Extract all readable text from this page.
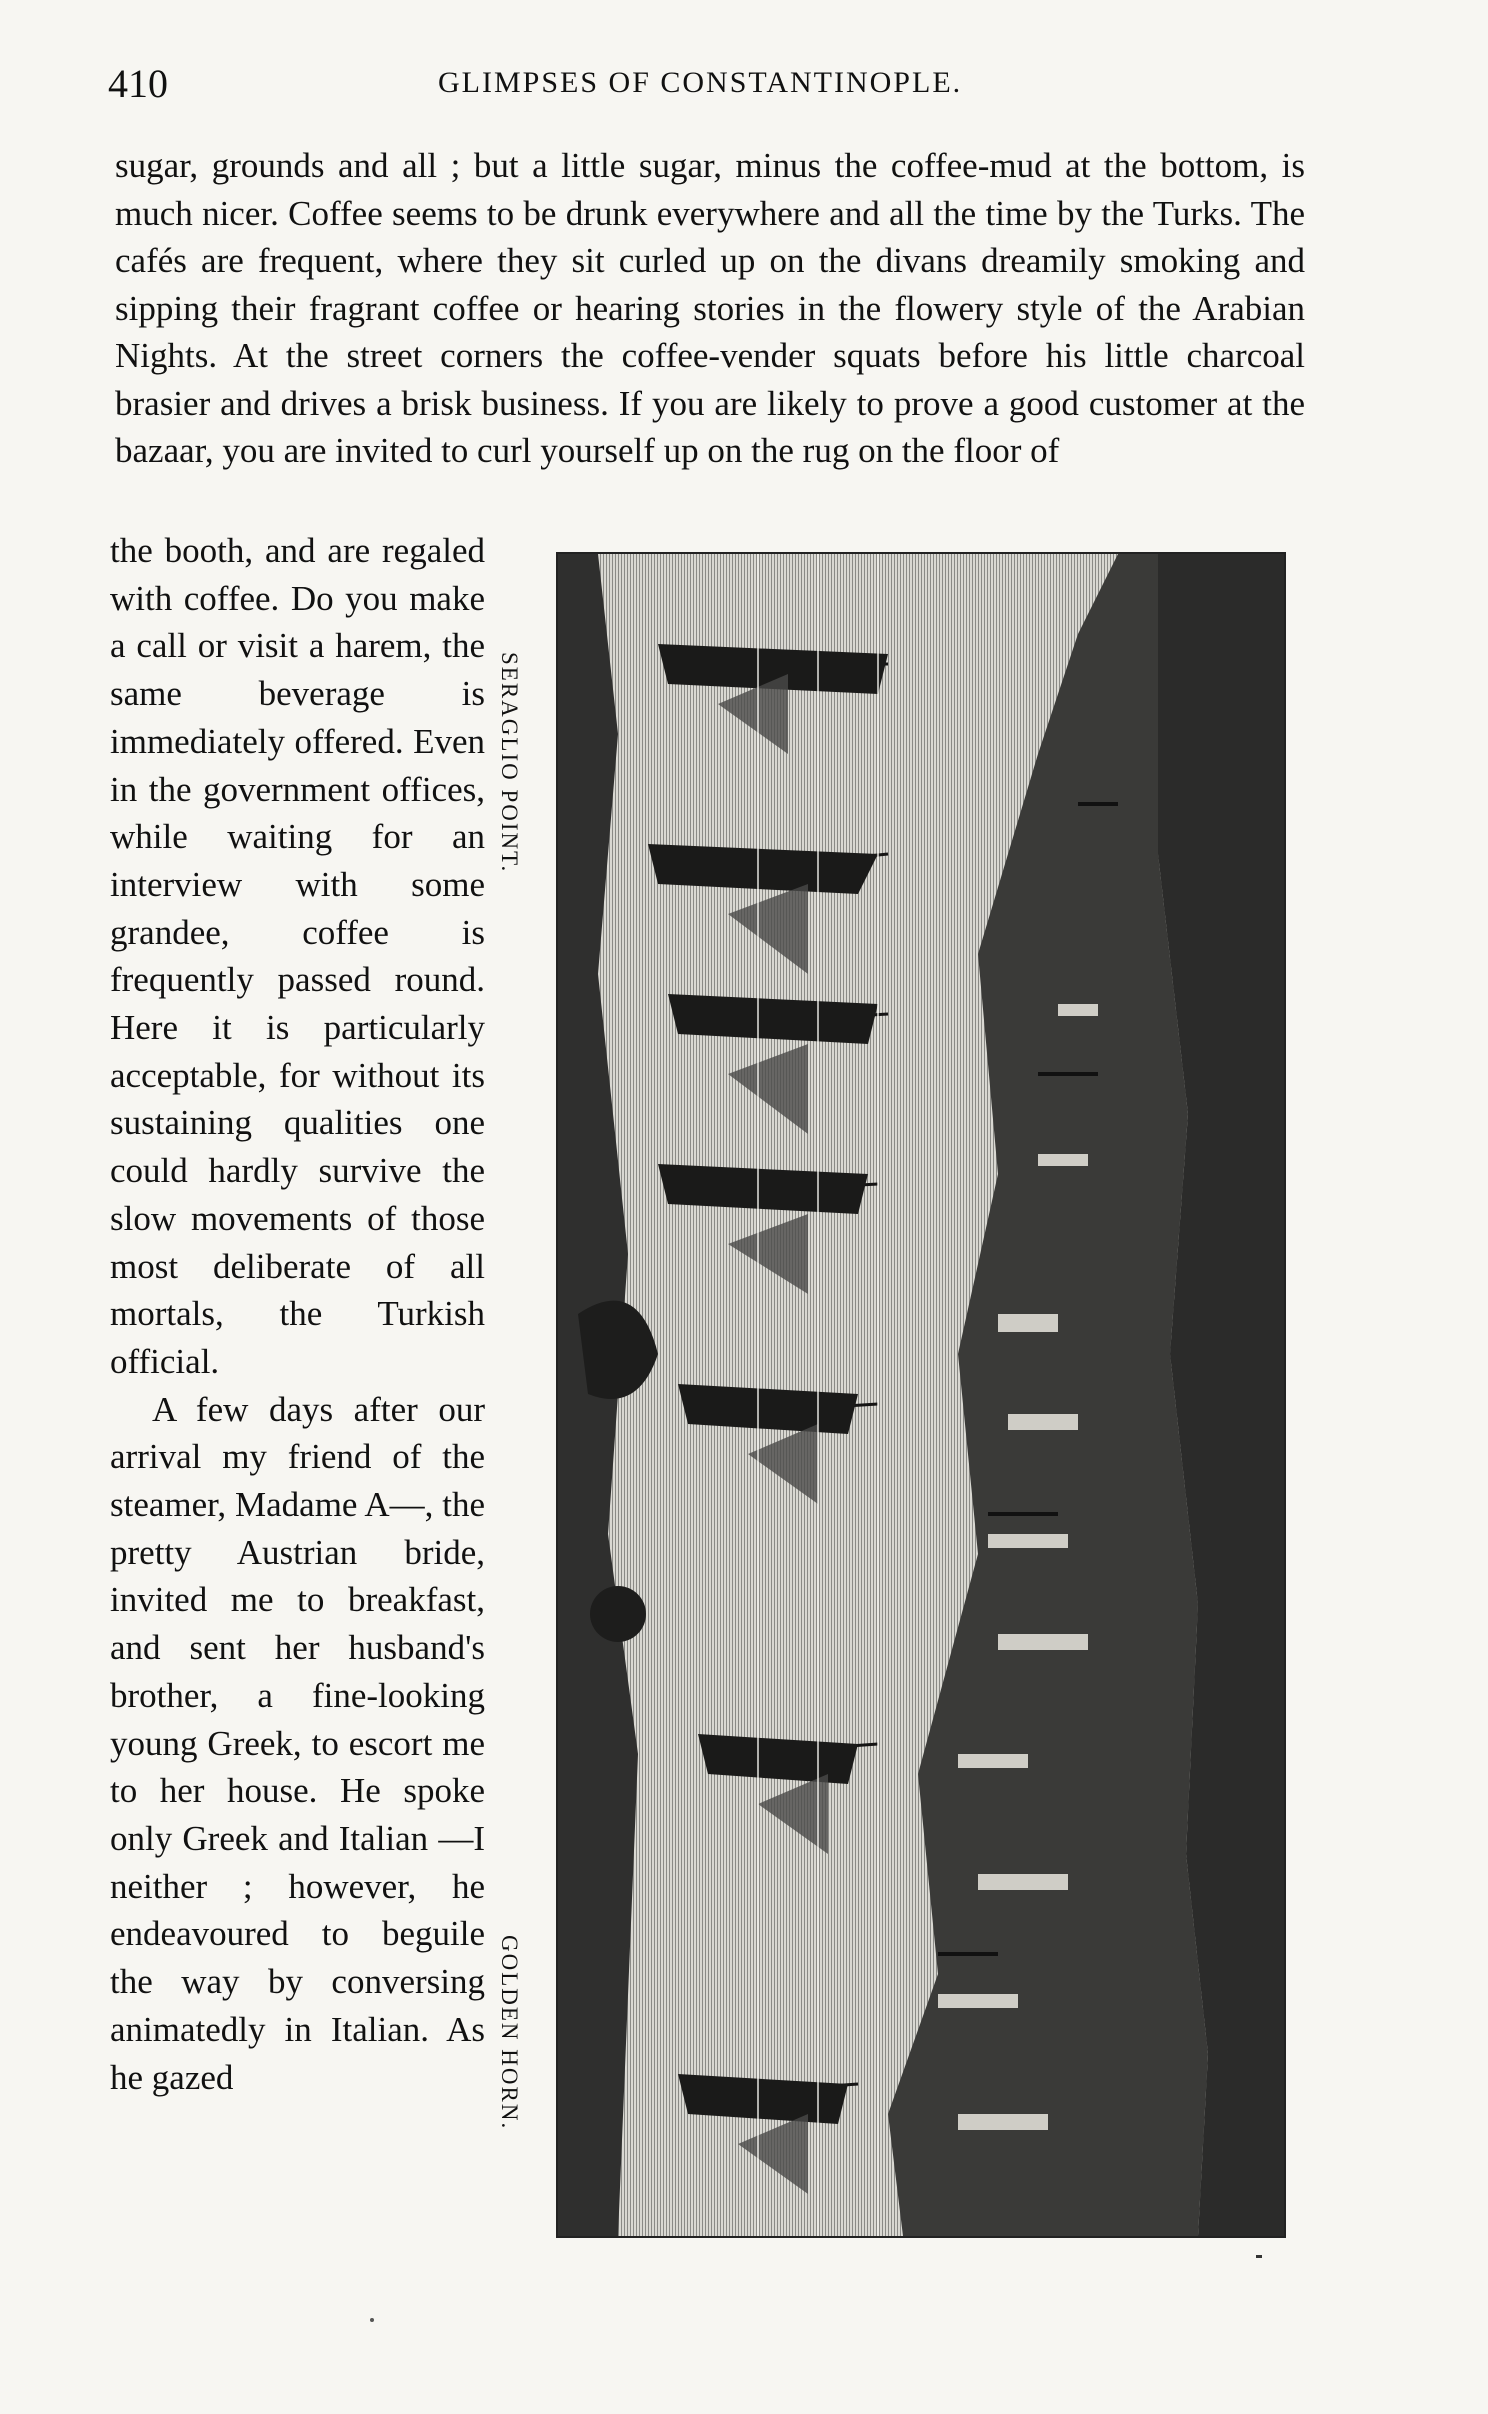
410	GLIMPSES OF CONSTANTINOPLE.

sugar, grounds and all ; but a little sugar, minus the coffee-mud at the bottom, is much nicer. Coffee seems to be drunk everywhere and all the time by the Turks. The cafés are frequent, where they sit curled up on the divans dreamily smoking and sipping their fragrant coffee or hearing stories in the flowery style of the Arabian Nights. At the street corners the coffee-vender squats before his little charcoal brasier and drives a brisk business. If you are likely to prove a good customer at the bazaar, you are invited to curl yourself up on the rug on the floor of

the booth, and are regaled with coffee. Do you make a call or visit a harem, the same beverage is immediately offered. Even in the government offices, while waiting for an interview with some grandee, coffee is frequently passed round. Here it is particularly acceptable, for without its sustaining qualities one could hardly survive the slow movements of those most deliberate of all mortals, the Turkish official.

A few days after our arrival my friend of the steamer, Madame A—, the pretty Austrian bride, invited me to breakfast, and sent her husband's brother, a fine-looking young Greek, to escort me to her house. He spoke only Greek and Italian —I neither ; however, he endeavoured to beguile the way by conversing animatedly in Italian. As he gazed

SERAGLIO POINT.
GOLDEN HORN.
